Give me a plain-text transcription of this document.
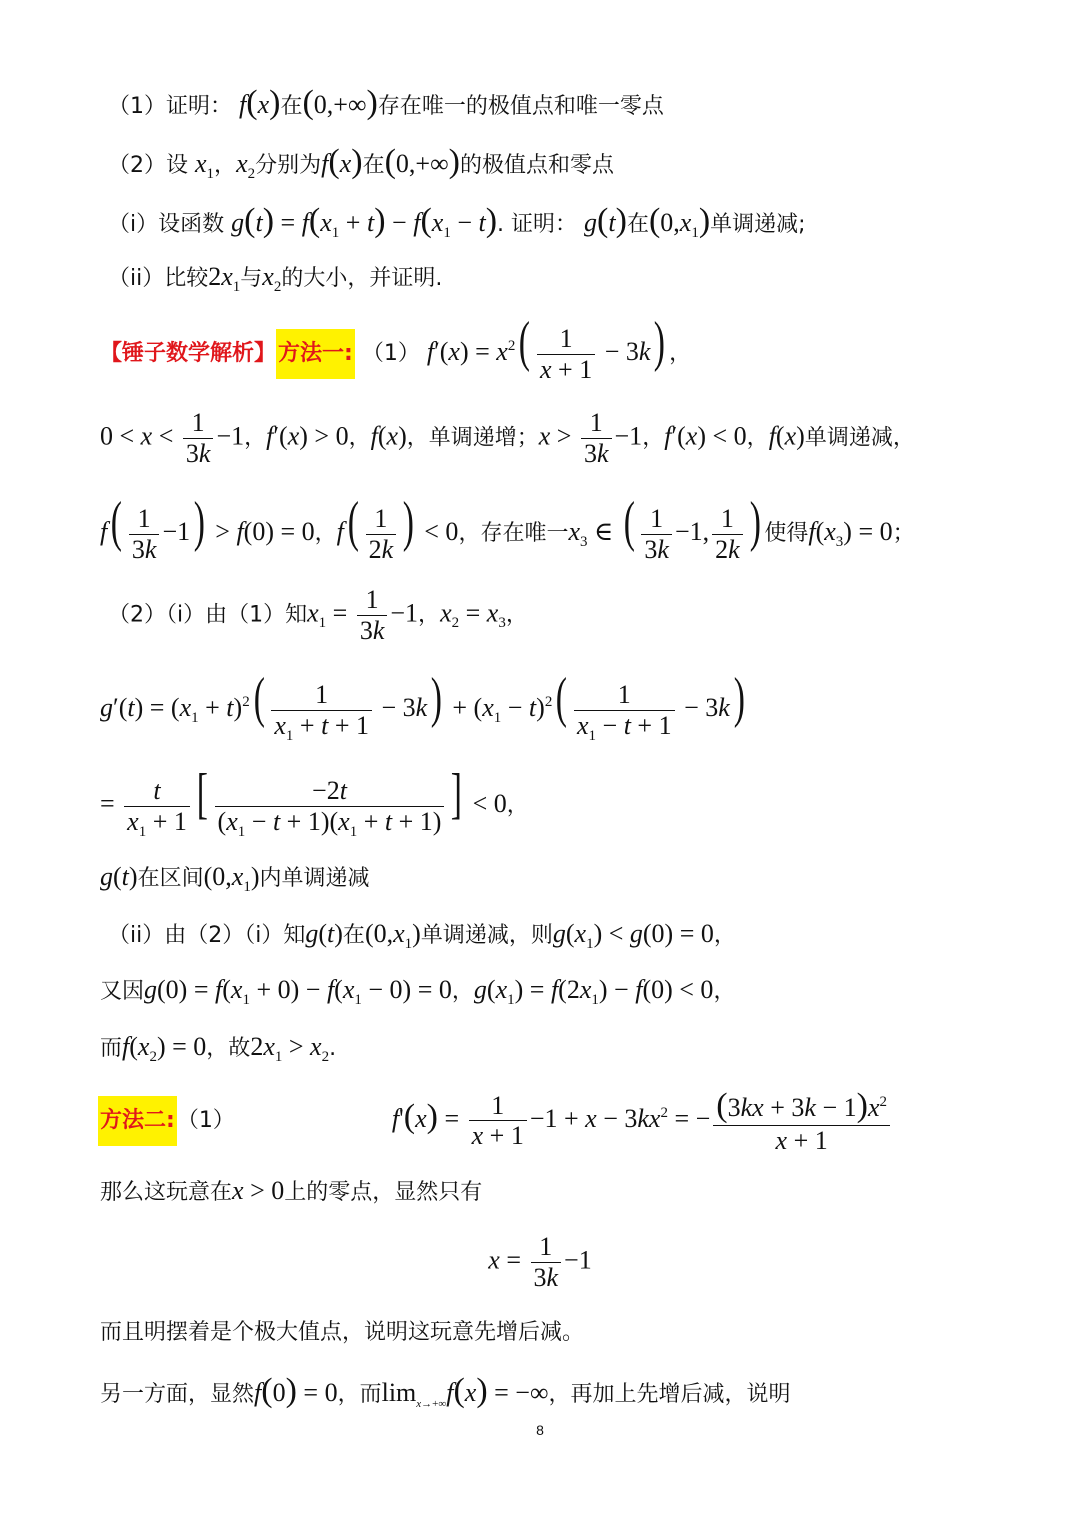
（1）证明： f(x)在(0,+∞)存在唯一的极值点和唯一零点
（2）设 $x_1$，$x_2$分别为f(x)在(0,+∞)的极值点和零点
（i）设函数 $g(t) = f(x_1 + t) - f(x_1 - t)$. 证明： g(t)在$(0,x_1)$单调递减;
（ii）比较$2x_1$与$x_2$的大小，并证明.
【锤子数学解析】方法一: （1） $f'(x) = x^2( \frac{1}{x + 1} - 3k)$ ，
$0 < x < \frac{1}{3k} -1$，f′(x) > 0，f(x)，单调递增；$x > \frac{1}{3k} -1$，f′(x) < 0，f(x)单调递减，
$f( \frac{1}{3k} -1) > f(0) = 0$，$f( \frac{1}{2k}$ ) < 0，存在唯一$x_3$ ∈ ( $\frac{1}{3k} -1$, $\frac{1}{2k}$ ) 使得$f(x_3) = 0$；
（2）（i）由（1）知$x_1 = \frac{1}{3k} -1$，$x_2 = x_3$，
$g'(t) = (x_1 + t)^2( \frac{1}{x_1 + t + 1} - 3k) + (x_1 - t)^2( \frac{1}{x_1 - t + 1} - 3k)$
= $\frac{t}{x_1 + 1}$ [ $\frac{-2t}{(x_1 - t + 1)(x_1 + t + 1)}$ ] < 0，
g(t)在区间$(0,x_1)$内单调递减
（ii）由（2）（i）知g(t)在$(0,x_1)$单调递减，则$g(x_1) < g(0) = 0$，
又因$g(0) = f(x_1 + 0) - f(x_1 - 0) = 0$，$g(x_1) = f(2x_1) - f(0) < 0$，
而$f(x_2) = 0$，故$2x_1 > x_2$.
方法二:（1）	$f'(x) = \frac{1}{x + 1} -1 + x - 3kx^2$ = − $\frac{(3kx + 3k - 1)x^2}{x + 1}$
那么这玩意在x > 0上的零点，显然只有
$x = \frac{1}{3k} -1$
而且明摆着是个极大值点，说明这玩意先增后减。
另一方面，显然f(0) = 0，而$\lim_{x\to+\infty}f(x)$ = −∞，再加上先增后减，说明
8
